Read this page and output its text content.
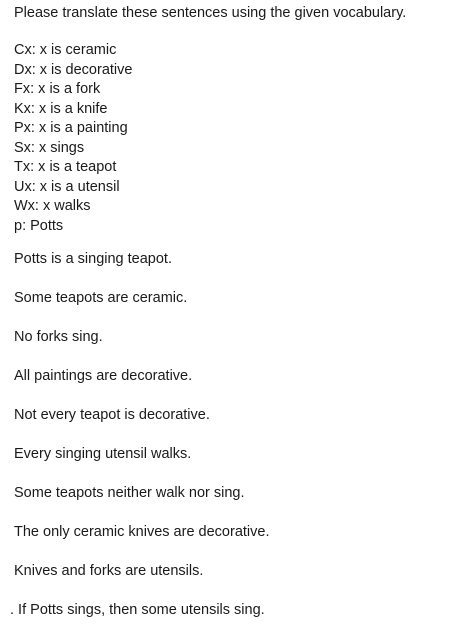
Please translate these sentences using the given vocabulary.
Cx: x is ceramic
Dx: x is decorative
Fx: x is a fork
Kx: x is a knife
Px: x is a painting
Sx: x sings
Tx: x is a teapot
Ux: x is a utensil
Wx: x walks
p: Potts
Potts is a singing teapot.
Some teapots are ceramic.
No forks sing.
All paintings are decorative.
Not every teapot is decorative.
Every singing utensil walks.
Some teapots neither walk nor sing.
The only ceramic knives are decorative.
Knives and forks are utensils.
. If Potts sings, then some utensils sing.
